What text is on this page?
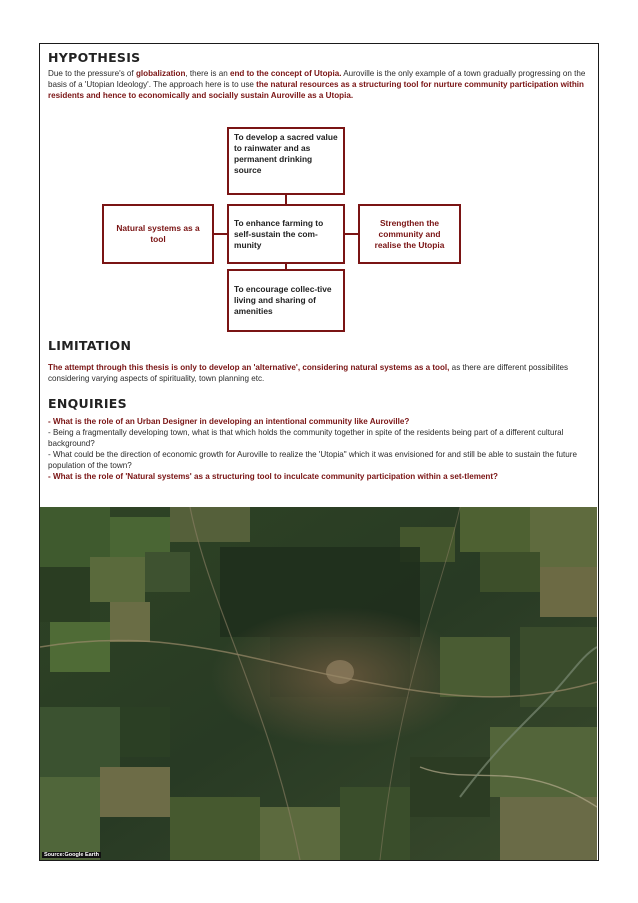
HYPOTHESIS

Due to the pressure's of globalization, there is an end to the concept of Utopia. Auroville is the only example of a town gradually progressing on the basis of a 'Utopian Ideology'. The approach here is to use the natural resources as a structuring tool for nurture community participation within residents and hence to economically and socially sustain Auroville as a Utopia.

To develop a sacred value to rainwater and as permanent drinking source
Natural systems as a tool
To enhance farming to self-sustain the com-munity
Strengthen the community and realise the Utopia
To encourage collec-tive living and sharing of amenities
LIMITATION

The attempt through this thesis is only to develop an 'alternative', considering natural systems as a tool, as there are different possibilites considering varying aspects of spirituality, town planning etc.

ENQUIRIES
- What is the role of an Urban Designer in developing an intentional community like Auroville?
- Being a fragmentally developing town, what is that which holds the community together in spite of the residents being part of a different cultural background?
- What could be the direction of economic growth for Auroville to realize the 'Utopia" which it was envisioned for and still be able to sustain the future population of the town?
- What is the role of 'Natural systems' as a structuring tool to inculcate community participation within a set-tlement?
Source:Google Earth
